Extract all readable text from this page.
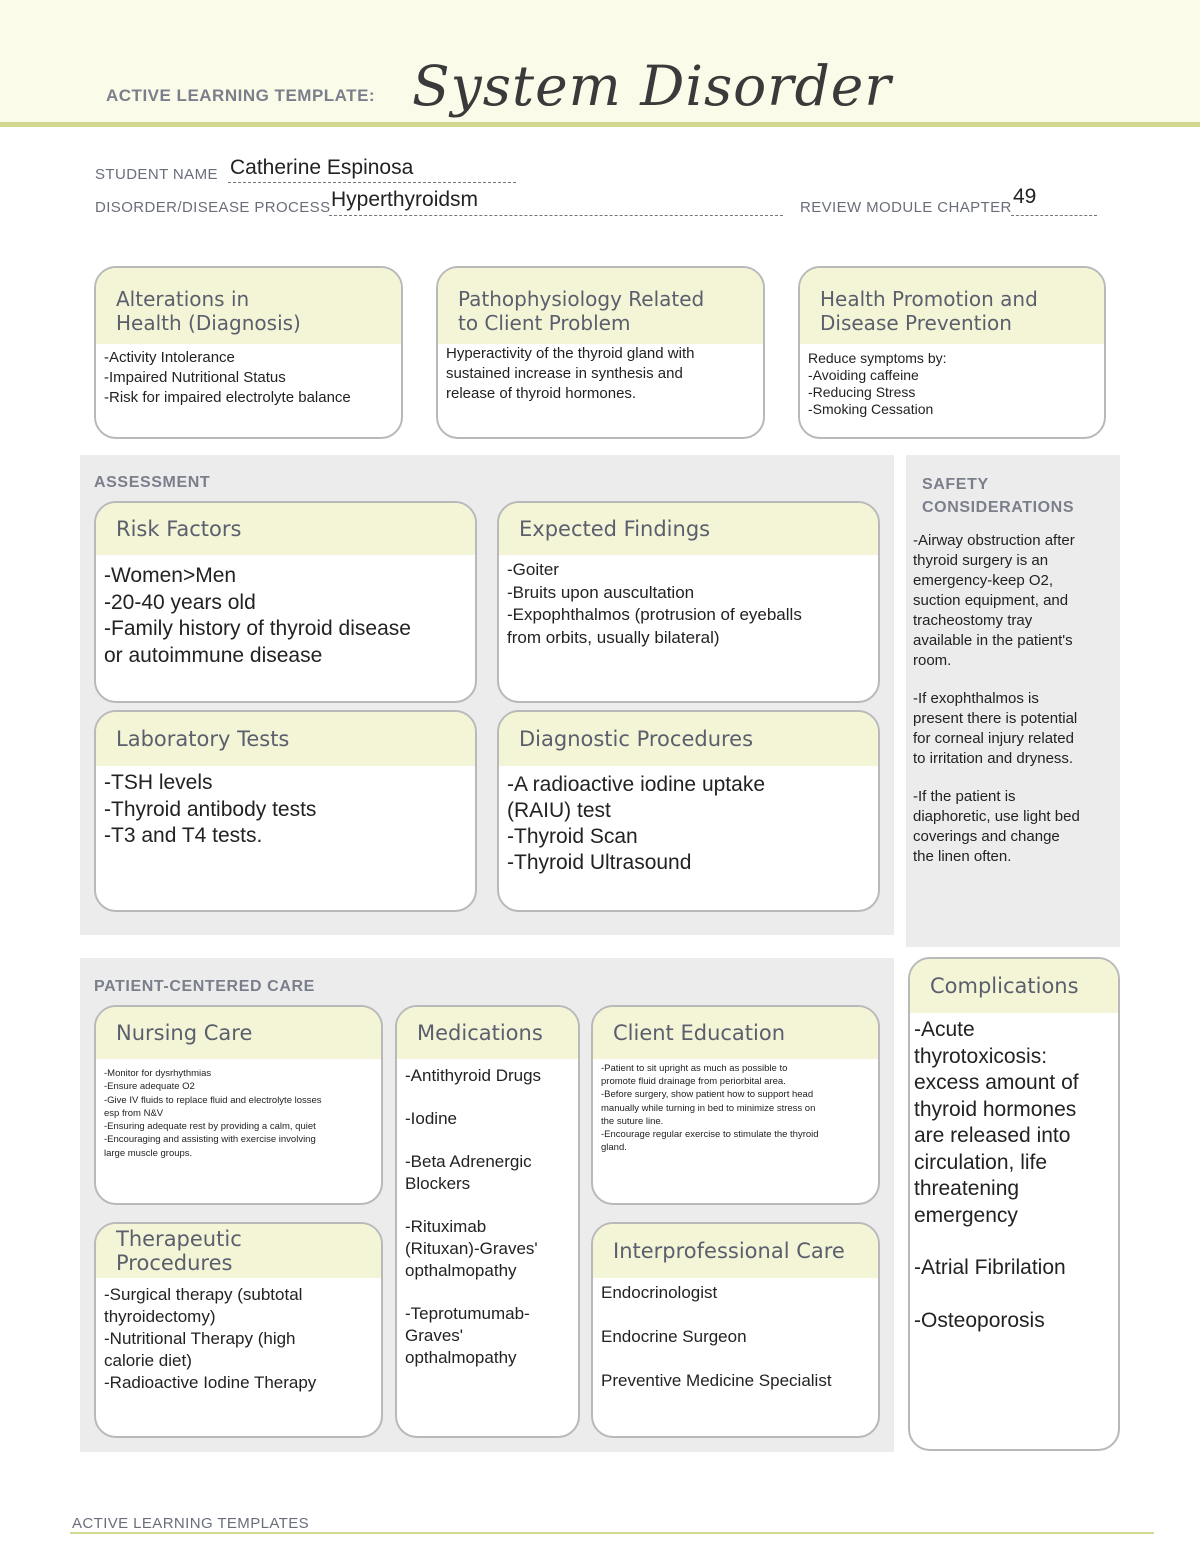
ACTIVE LEARNING TEMPLATE: System Disorder
STUDENT NAME Catherine Espinosa
DISORDER/DISEASE PROCESS Hyperthyroidsm	REVIEW MODULE CHAPTER 49
Alterations in
Health (Diagnosis)
-Activity Intolerance
-Impaired Nutritional Status
-Risk for impaired electrolyte balance
Pathophysiology Related
to Client Problem
Hyperactivity of the thyroid gland with
sustained increase in synthesis and
release of thyroid hormones.
Health Promotion and
Disease Prevention
Reduce symptoms by:
-Avoiding caffeine
-Reducing Stress
-Smoking Cessation
ASSESSMENT
Risk Factors
-Women>Men
-20-40 years old
-Family history of thyroid disease
or autoimmune disease
Expected Findings
-Goiter
-Bruits upon auscultation
-Expophthalmos (protrusion of eyeballs
from orbits, usually bilateral)
Laboratory Tests
-TSH levels
-Thyroid antibody tests
-T3 and T4 tests.
Diagnostic Procedures
-A radioactive iodine uptake
(RAIU) test
-Thyroid Scan
-Thyroid Ultrasound
SAFETY
CONSIDERATIONS
-Airway obstruction after
thyroid surgery is an
emergency-keep O2,
suction equipment, and
tracheostomy tray
available in the patient's
room.
-If exophthalmos is
present there is potential
for corneal injury related
to irritation and dryness.
-If the patient is
diaphoretic, use light bed
coverings and change
the linen often.
PATIENT-CENTERED CARE
Nursing Care
-Monitor for dysrhythmias
-Ensure adequate O2
-Give IV fluids to replace fluid and electrolyte losses
esp from N&V
-Ensuring adequate rest by providing a calm, quiet
-Encouraging and assisting with exercise involving
large muscle groups.
Medications
-Antithyroid Drugs
-Iodine
-Beta Adrenergic
Blockers
-Rituximab
(Rituxan)-Graves'
opthalmopathy
-Teprotumumab-
Graves'
opthalmopathy
Client Education
-Patient to sit upright as much as possible to
promote fluid drainage from periorbital area.
-Before surgery, show patient how to support head
manually while turning in bed to minimize stress on
the suture line.
-Encourage regular exercise to stimulate the thyroid
gland.
Therapeutic Procedures
-Surgical therapy (subtotal
thyroidectomy)
-Nutritional Therapy (high
calorie diet)
-Radioactive Iodine Therapy
Interprofessional Care
Endocrinologist
Endocrine Surgeon
Preventive Medicine Specialist
Complications
-Acute
thyrotoxicosis:
excess amount of
thyroid hormones
are released into
circulation, life
threatening
emergency
-Atrial Fibrilation
-Osteoporosis
ACTIVE LEARNING TEMPLATES
